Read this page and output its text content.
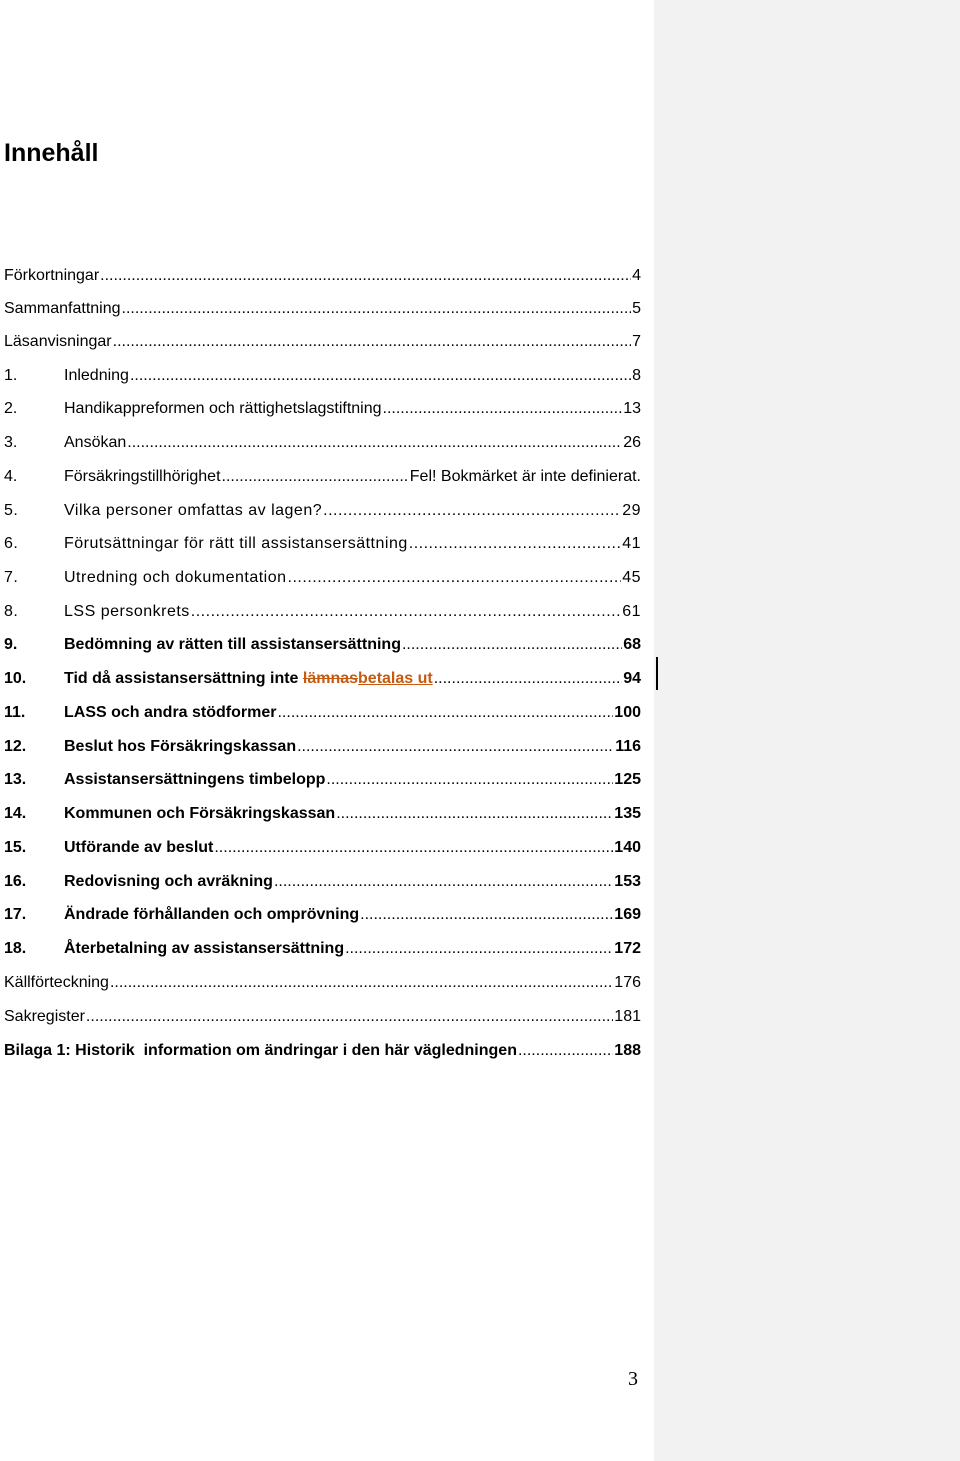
Innehåll
Förkortningar .....	4
Sammanfattning .....	5
Läsanvisningar .....	7
1.	Inledning .....	8
2.	Handikappreformen och rättighetslagstiftning .....	13
3.	Ansökan .....	26
4.	Försäkringstillhörighet .....	Fel! Bokmärket är inte definierat.
5.	Vilka personer omfattas av lagen? .....	29
6.	Förutsättningar för rätt till assistansersättning .....	41
7.	Utredning och dokumentation .....	45
8.	LSS personkrets .....	61
9.	Bedömning av rätten till assistansersättning .....	68
10.	Tid då assistansersättning inte lämnasbetalas ut .....	94
11.	LASS och andra stödformer .....	100
12.	Beslut hos Försäkringskassan .....	116
13.	Assistansersättningens timbelopp .....	125
14.	Kommunen och Försäkringskassan .....	135
15.	Utförande av beslut .....	140
16.	Redovisning och avräkning .....	153
17.	Ändrade förhållanden och omprövning .....	169
18.	Återbetalning av assistansersättning .....	172
Källförteckning .....	176
Sakregister .....	181
Bilaga 1: Historik  information om ändringar i den här vägledningen .....	188
3
